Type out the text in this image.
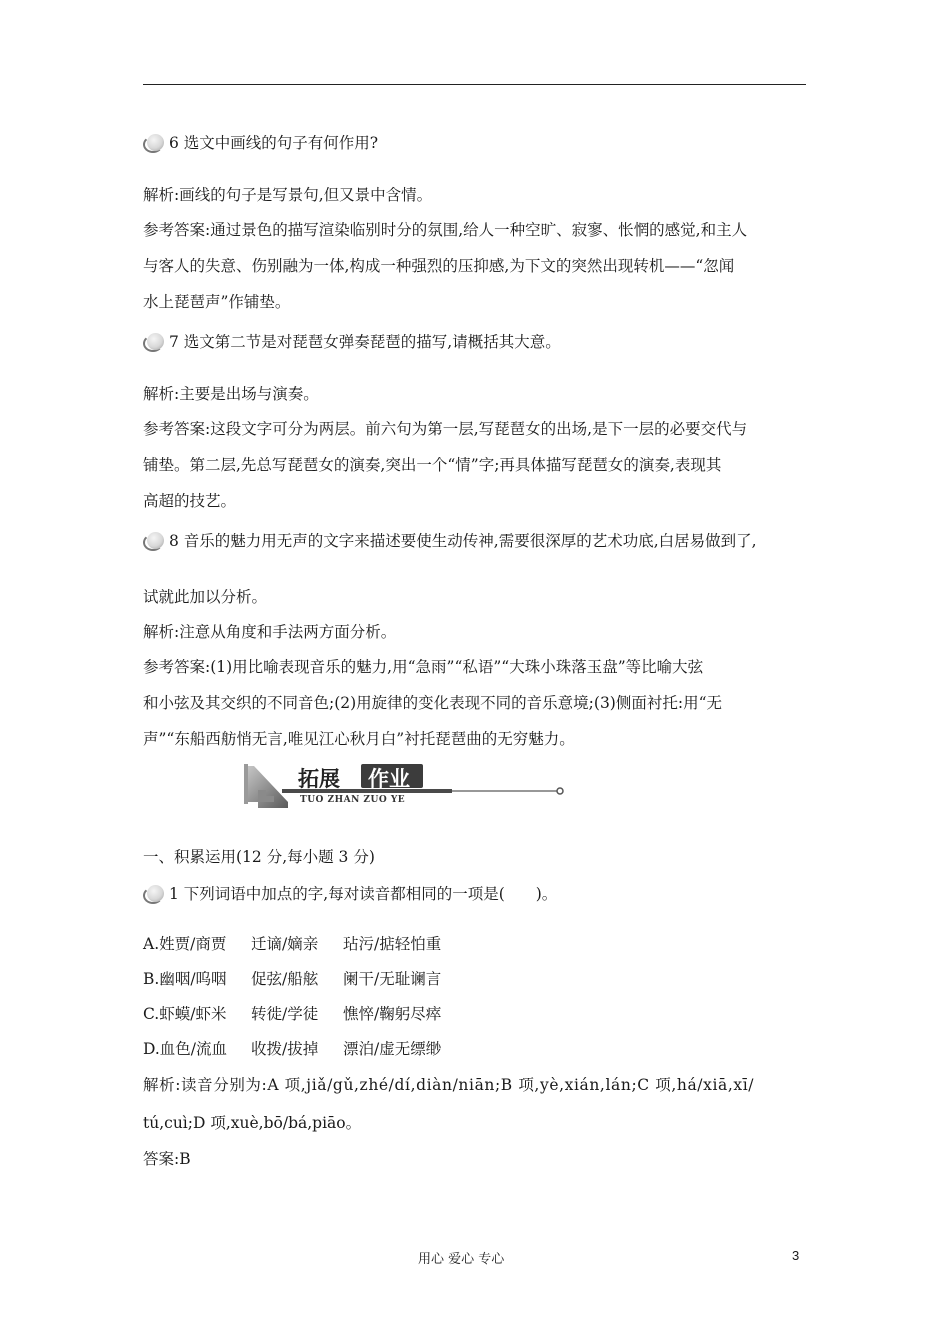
6 选文中画线的句子有何作用?
解析:画线的句子是写景句,但又景中含情。
参考答案:通过景色的描写渲染临别时分的氛围,给人一种空旷、寂寥、怅惘的感觉,和主人
与客人的失意、伤别融为一体,构成一种强烈的压抑感,为下文的突然出现转机——“忽闻
水上琵琶声”作铺垫。
7 选文第二节是对琵琶女弹奏琵琶的描写,请概括其大意。
解析:主要是出场与演奏。
参考答案:这段文字可分为两层。前六句为第一层,写琵琶女的出场,是下一层的必要交代与
铺垫。第二层,先总写琵琶女的演奏,突出一个“情”字;再具体描写琵琶女的演奏,表现其
高超的技艺。
8 音乐的魅力用无声的文字来描述要使生动传神,需要很深厚的艺术功底,白居易做到了,
试就此加以分析。
解析:注意从角度和手法两方面分析。
参考答案:(1)用比喻表现音乐的魅力,用“急雨”“私语”“大珠小珠落玉盘”等比喻大弦
和小弦及其交织的不同音色;(2)用旋律的变化表现不同的音乐意境;(3)侧面衬托:用“无
声”“东船西舫悄无言,唯见江心秋月白”衬托琵琶曲的无穷魅力。
一、积累运用(12 分,每小题 3 分)
1 下列词语中加点的字,每对读音都相同的一项是(　　)。
A.姓贾/商贾 迁谪/嫡亲 玷污/掂轻怕重
B.幽咽/呜咽 促弦/船舷 阑干/无耻谰言
C.虾蟆/虾米 转徙/学徒 憔悴/鞠躬尽瘁
D.血色/流血 收拨/拔掉 漂泊/虚无缥缈
解析:读音分别为:A 项,jiǎ/gǔ,zhé/dí,diàn/niān;B 项,yè,xián,lán;C 项,há/xiā,xī/
tú,cuì;D 项,xuè,bō/bá,piāo。
答案:B
拓展 作业
TUO ZHAN ZUO YE
用心 爱心 专心	3
